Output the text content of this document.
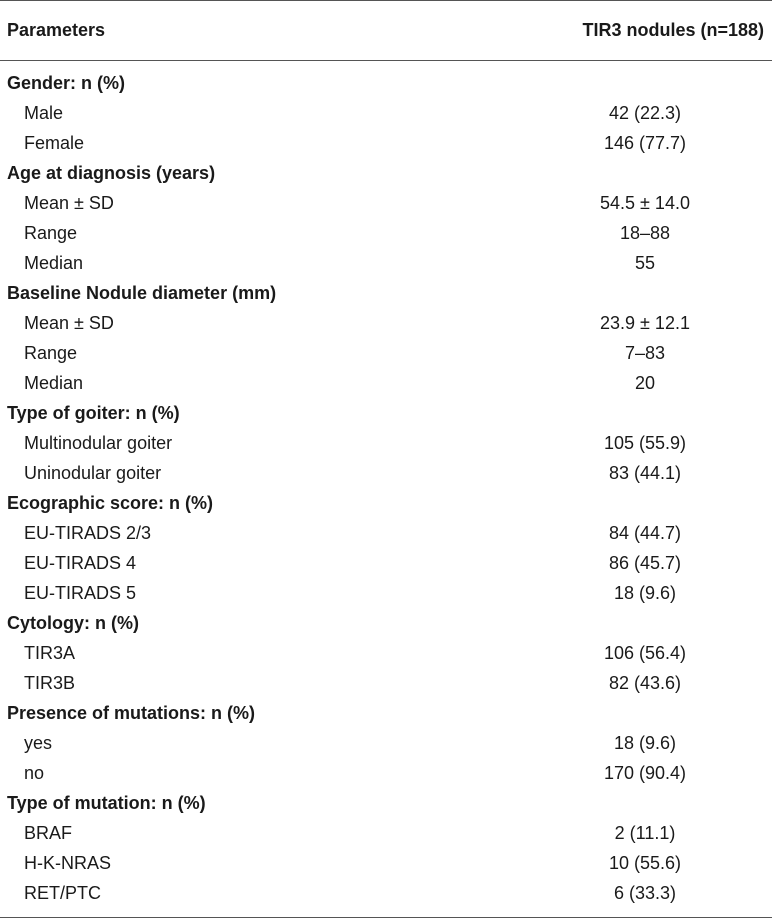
Parameters	TIR3 nodules (n=188)
Gender: n (%)
Male	42 (22.3)
Female	146 (77.7)
Age at diagnosis (years)
Mean ± SD	54.5 ± 14.0
Range	18–88
Median	55
Baseline Nodule diameter (mm)
Mean ± SD	23.9 ± 12.1
Range	7–83
Median	20
Type of goiter: n (%)
Multinodular goiter	105 (55.9)
Uninodular goiter	83 (44.1)
Ecographic score: n (%)
EU-TIRADS 2/3	84 (44.7)
EU-TIRADS 4	86 (45.7)
EU-TIRADS 5	18 (9.6)
Cytology: n (%)
TIR3A	106 (56.4)
TIR3B	82 (43.6)
Presence of mutations: n (%)
yes	18 (9.6)
no	170 (90.4)
Type of mutation: n (%)
BRAF	2 (11.1)
H-K-NRAS	10 (55.6)
RET/PTC	6 (33.3)
